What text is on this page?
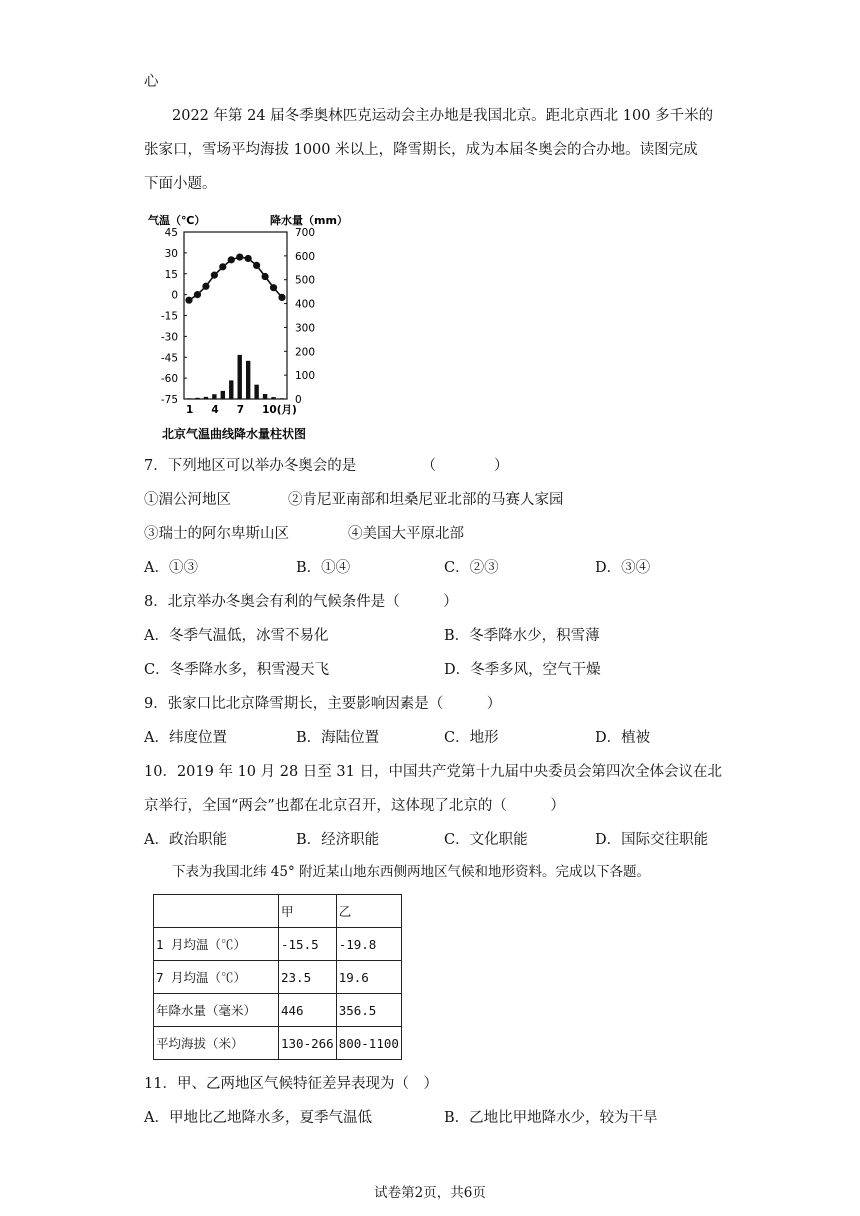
心
2022 年第 24 届冬季奥林匹克运动会主办地是我国北京。距北京西北 100 多千米的
张家口，雪场平均海拔 1000 米以上，降雪期长，成为本届冬奥会的合办地。读图完成
下面小题。
气温（℃）	降水量（mm）
45
30
15
0
-15
-30
-45
-60
-75
700
600
500
400
300
200
100
0
1 4 7 10(月)
北京气温曲线降水量柱状图
7．下列地区可以举办冬奥会的是　　　　　（　　　　）
①湄公河地区	②肯尼亚南部和坦桑尼亚北部的马赛人家园
③瑞士的阿尔卑斯山区	④美国大平原北部
A．①③	B．①④	C．②③	D．③④
8．北京举办冬奥会有利的气候条件是（　　　）
A．冬季气温低，冰雪不易化	B．冬季降水少，积雪薄
C．冬季降水多，积雪漫天飞	D．冬季多风，空气干燥
9．张家口比北京降雪期长，主要影响因素是（　　　）
A．纬度位置	B．海陆位置	C．地形	D．植被
10．2019 年 10 月 28 日至 31 日，中国共产党第十九届中央委员会第四次全体会议在北
京举行，全国“两会”也都在北京召开，这体现了北京的（　　　）
A．政治职能	B．经济职能	C．文化职能	D．国际交往职能
下表为我国北纬 45° 附近某山地东西侧两地区气候和地形资料。完成以下各题。
	甲	乙
1 月均温（℃）	-15.5	-19.8
7 月均温（℃）	23.5	19.6
年降水量（毫米）	446	356.5
平均海拔（米）	130-266	800-1100
11．甲、乙两地区气候特征差异表现为（　）
A．甲地比乙地降水多，夏季气温低	B．乙地比甲地降水少，较为干旱
试卷第2页，共6页
